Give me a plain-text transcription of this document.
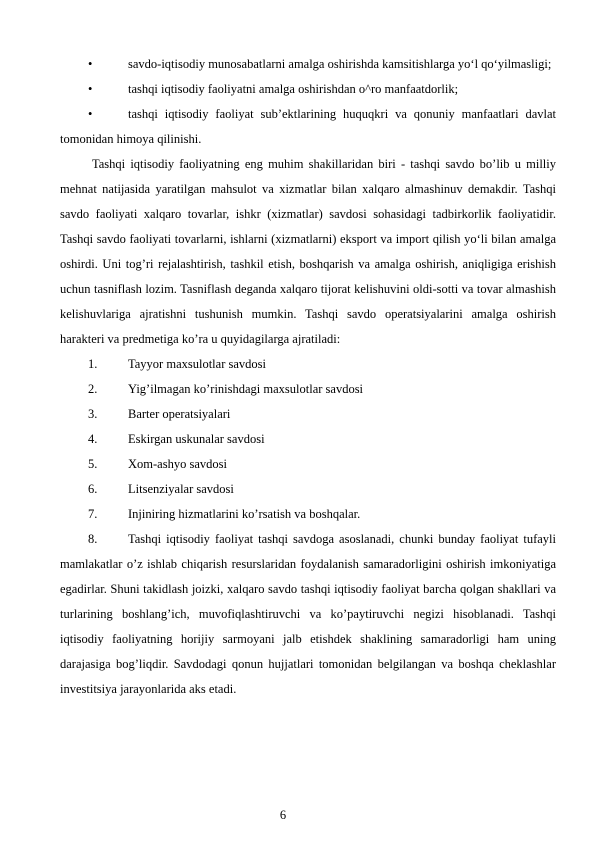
•	savdo-iqtisodiy munosabatlarni amalga oshirishda kamsitishlarga yo‘l qo‘yilmasligi;
•	tashqi iqtisodiy faoliyatni amalga oshirishdan o^ro manfaatdorlik;
•	tashqi iqtisodiy faoliyat sub’ektlarining huquqkri va qonuniy manfaatlari davlat tomonidan himoya qilinishi.

Tashqi iqtisodiy faoliyatning eng muhim shakillaridan biri - tashqi savdo bo’lib u milliy mehnat natijasida yaratilgan mahsulot va xizmatlar bilan xalqaro almashinuv demakdir. Tashqi savdo faoliyati xalqaro tovarlar, ishkr (xizmatlar) savdosi sohasidagi tadbirkorlik faoliyatidir. Tashqi savdo faoliyati tovarlarni, ishlarni (xizmatlarni) eksport va import qilish yo‘li bilan amalga oshirdi. Uni tog’ri rejalashtirish, tashkil etish, boshqarish va amalga oshirish, aniqligiga erishish uchun tasniflash lozim. Tasniflash deganda xalqaro tijorat kelishuvini oldi-sotti va tovar almashish kelishuvlariga ajratishni tushunish mumkin. Tashqi savdo operatsiyalarini amalga oshirish harakteri va predmetiga ko’ra u quyidagilarga ajratiladi:

1. Tayyor maxsulotlar savdosi
2. Yig’ilmagan ko’rinishdagi maxsulotlar savdosi
3. Barter operatsiyalari
4. Eskirgan uskunalar savdosi
5. Xom-ashyo savdosi
6. Litsenziyalar savdosi
7. Injiniring hizmatlarini ko’rsatish va boshqalar.
8. Tashqi iqtisodiy faoliyat tashqi savdoga asoslanadi, chunki bunday faoliyat tufayli mamlakatlar o’z ishlab chiqarish resurslaridan foydalanish samaradorligini oshirish imkoniyatiga egadirlar. Shuni takidlash joizki, xalqaro savdo tashqi iqtisodiy faoliyat barcha qolgan shakllari va turlarining boshlang’ich, muvofiqlashtiruvchi va ko’paytiruvchi negizi hisoblanadi. Tashqi iqtisodiy faoliyatning horijiy sarmoyani jalb etishdek shaklining samaradorligi ham uning darajasiga bog’liqdir. Savdodagi qonun hujjatlari tomonidan belgilangan va boshqa cheklashlar investitsiya jarayonlarida aks etadi.
6
